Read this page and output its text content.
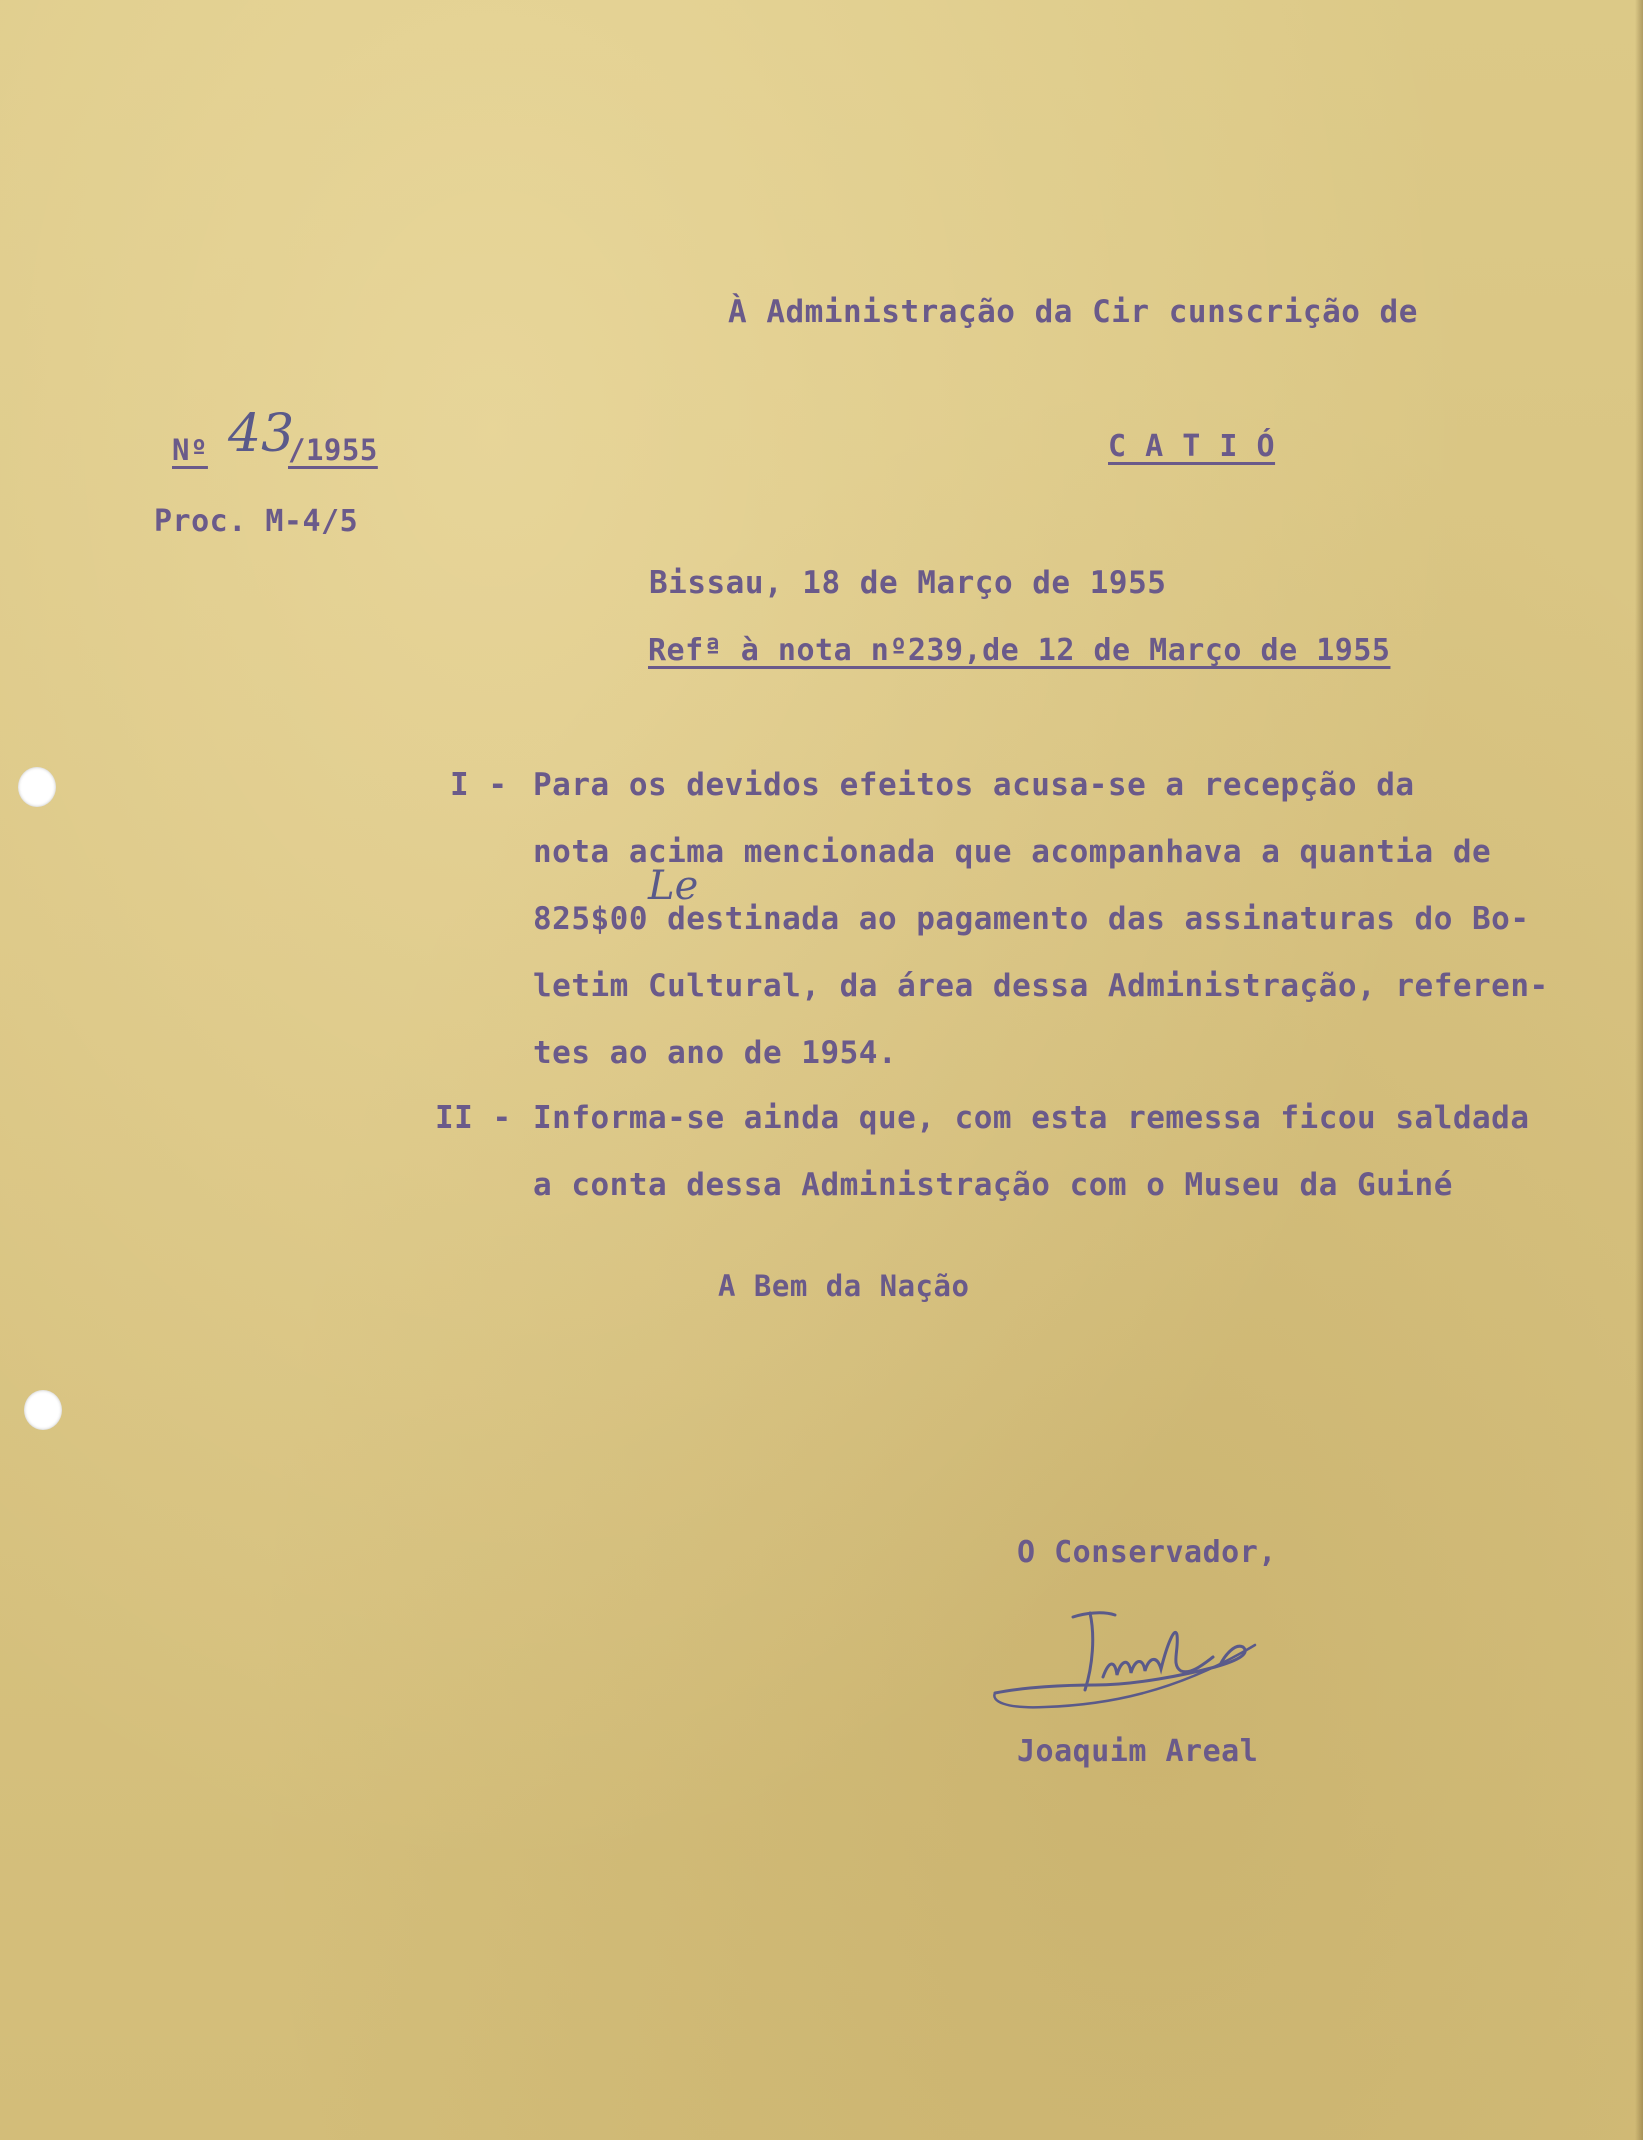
À Administração da Cir cunscrição de
C A T I Ó
Nº 43
/1955
Proc. M-4/5
Bissau, 18 de Março de 1955
Refª à nota nº239,de 12 de Março de 1955
I - Para os devidos efeitos acusa-se a recepção da
nota acima mencionada que acompanhava a quantia de
825$00 destinada ao pagamento das assinaturas do Bo-
letim Cultural, da área dessa Administração, referen-
tes ao ano de 1954.
Le
II - Informa-se ainda que, com esta remessa ficou saldada
a conta dessa Administração com o Museu da Guiné
A Bem da Nação
O Conservador,
Joaquim Areal
